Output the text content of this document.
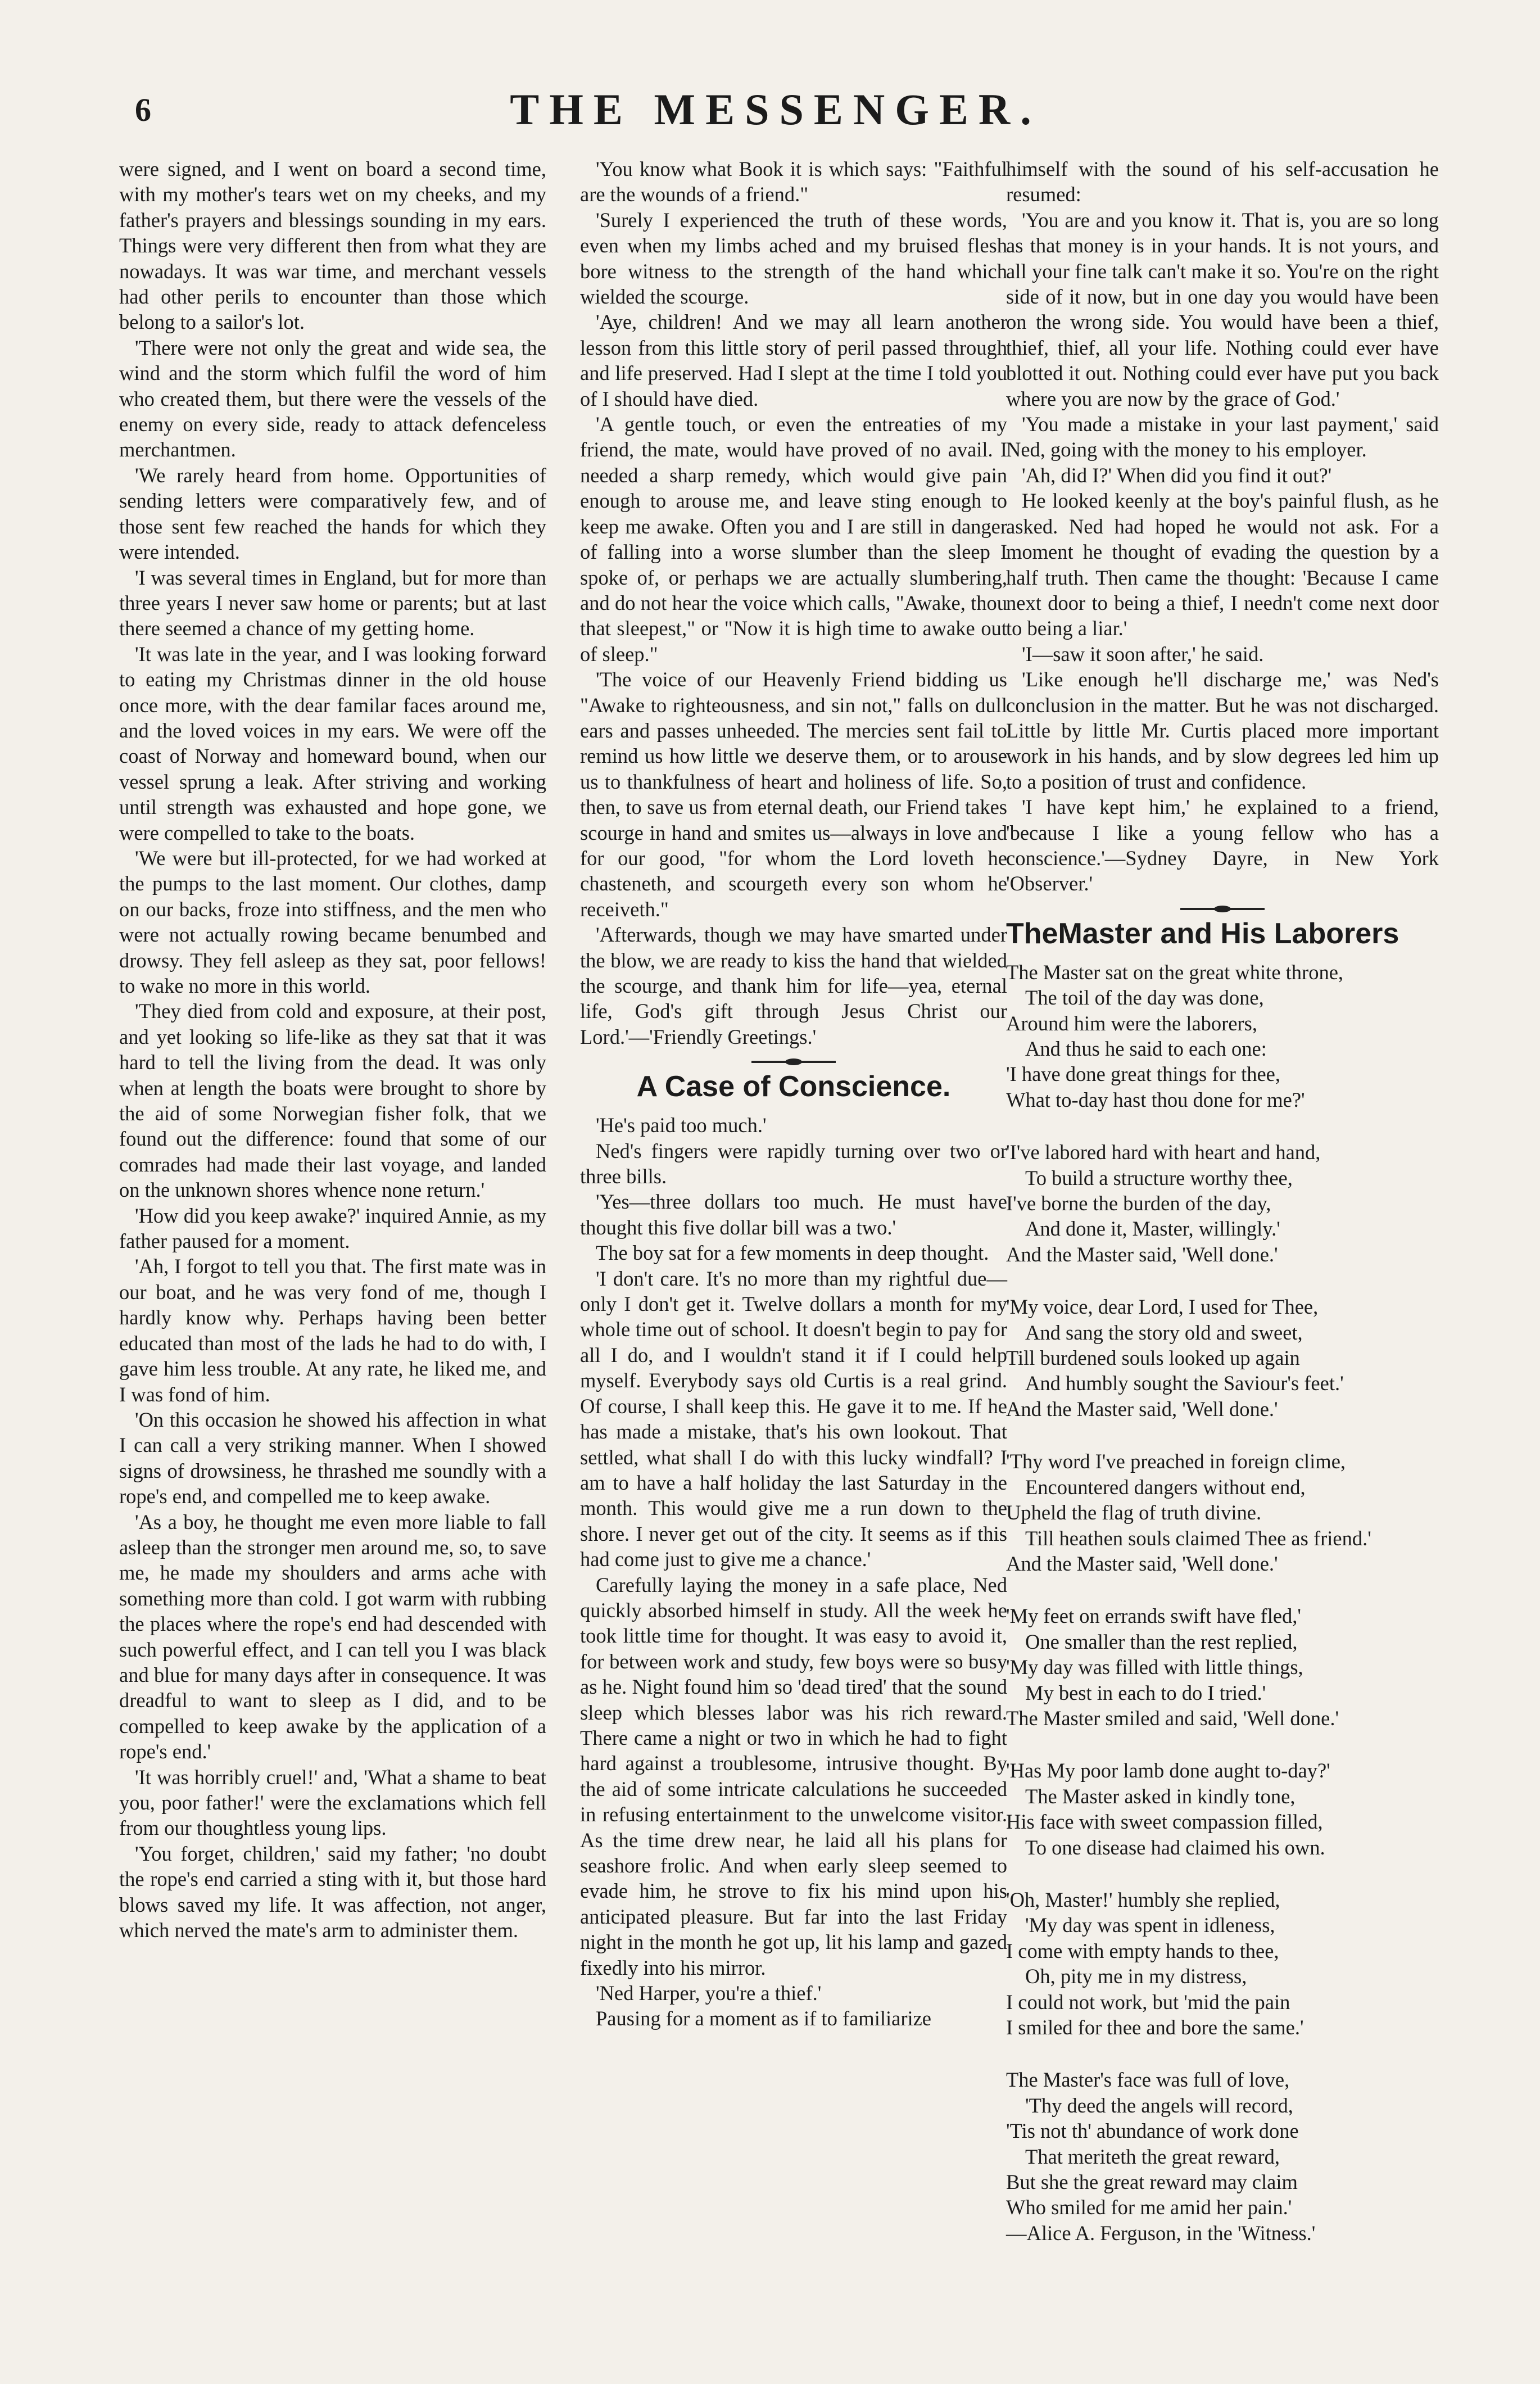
6	THE MESSENGER.

were signed, and I went on board a second time, with my mother's tears wet on my cheeks, and my father's prayers and blessings sounding in my ears. Things were very different then from what they are nowadays. It was war time, and merchant vessels had other perils to encounter than those which belong to a sailor's lot.

'There were not only the great and wide sea, the wind and the storm which fulfil the word of him who created them, but there were the vessels of the enemy on every side, ready to attack defenceless merchantmen.

'We rarely heard from home. Opportunities of sending letters were comparatively few, and of those sent few reached the hands for which they were intended.

'I was several times in England, but for more than three years I never saw home or parents; but at last there seemed a chance of my getting home.

'It was late in the year, and I was looking forward to eating my Christmas dinner in the old house once more, with the dear familar faces around me, and the loved voices in my ears. We were off the coast of Norway and homeward bound, when our vessel sprung a leak. After striving and working until strength was exhausted and hope gone, we were compelled to take to the boats.

'We were but ill-protected, for we had worked at the pumps to the last moment. Our clothes, damp on our backs, froze into stiffness, and the men who were not actually rowing became benumbed and drowsy. They fell asleep as they sat, poor fellows! to wake no more in this world.

'They died from cold and exposure, at their post, and yet looking so life-like as they sat that it was hard to tell the living from the dead. It was only when at length the boats were brought to shore by the aid of some Norwegian fisher folk, that we found out the difference: found that some of our comrades had made their last voyage, and landed on the unknown shores whence none return.'

'How did you keep awake?' inquired Annie, as my father paused for a moment.

'Ah, I forgot to tell you that. The first mate was in our boat, and he was very fond of me, though I hardly know why. Perhaps having been better educated than most of the lads he had to do with, I gave him less trouble. At any rate, he liked me, and I was fond of him.

'On this occasion he showed his affection in what I can call a very striking manner. When I showed signs of drowsiness, he thrashed me soundly with a rope's end, and compelled me to keep awake.

'As a boy, he thought me even more liable to fall asleep than the stronger men around me, so, to save me, he made my shoulders and arms ache with something more than cold. I got warm with rubbing the places where the rope's end had descended with such powerful effect, and I can tell you I was black and blue for many days after in consequence. It was dreadful to want to sleep as I did, and to be compelled to keep awake by the application of a rope's end.'

'It was horribly cruel!' and, 'What a shame to beat you, poor father!' were the exclamations which fell from our thoughtless young lips.

'You forget, children,' said my father; 'no doubt the rope's end carried a sting with it, but those hard blows saved my life. It was affection, not anger, which nerved the mate's arm to administer them.

'You know what Book it is which says: "Faithful are the wounds of a friend."

'Surely I experienced the truth of these words, even when my limbs ached and my bruised flesh bore witness to the strength of the hand which wielded the scourge.

'Aye, children! And we may all learn another lesson from this little story of peril passed through and life preserved. Had I slept at the time I told you of I should have died.

'A gentle touch, or even the entreaties of my friend, the mate, would have proved of no avail. I needed a sharp remedy, which would give pain enough to arouse me, and leave sting enough to keep me awake. Often you and I are still in danger of falling into a worse slumber than the sleep I spoke of, or perhaps we are actually slumbering, and do not hear the voice which calls, "Awake, thou that sleepest," or "Now it is high time to awake out of sleep."

'The voice of our Heavenly Friend bidding us "Awake to righteousness, and sin not," falls on dull ears and passes unheeded. The mercies sent fail to remind us how little we deserve them, or to arouse us to thankfulness of heart and holiness of life. So, then, to save us from eternal death, our Friend takes scourge in hand and smites us—always in love and for our good, "for whom the Lord loveth he chasteneth, and scourgeth every son whom he receiveth."

'Afterwards, though we may have smarted under the blow, we are ready to kiss the hand that wielded the scourge, and thank him for life—yea, eternal life, God's gift through Jesus Christ our Lord.'—'Friendly Greetings.'

A Case of Conscience.

'He's paid too much.'

Ned's fingers were rapidly turning over two or three bills.

'Yes—three dollars too much. He must have thought this five dollar bill was a two.'

The boy sat for a few moments in deep thought.

'I don't care. It's no more than my rightful due—only I don't get it. Twelve dollars a month for my whole time out of school. It doesn't begin to pay for all I do, and I wouldn't stand it if I could help myself. Everybody says old Curtis is a real grind. Of course, I shall keep this. He gave it to me. If he has made a mistake, that's his own lookout. That settled, what shall I do with this lucky windfall? I am to have a half holiday the last Saturday in the month. This would give me a run down to the shore. I never get out of the city. It seems as if this had come just to give me a chance.'

Carefully laying the money in a safe place, Ned quickly absorbed himself in study. All the week he took little time for thought. It was easy to avoid it, for between work and study, few boys were so busy as he. Night found him so 'dead tired' that the sound sleep which blesses labor was his rich reward. There came a night or two in which he had to fight hard against a troublesome, intrusive thought. By the aid of some intricate calculations he succeeded in refusing entertainment to the unwelcome visitor. As the time drew near, he laid all his plans for seashore frolic. And when early sleep seemed to evade him, he strove to fix his mind upon his anticipated pleasure. But far into the last Friday night in the month he got up, lit his lamp and gazed fixedly into his mirror.

'Ned Harper, you're a thief.'

Pausing for a moment as if to familiarize

himself with the sound of his self-accusation he resumed:

'You are and you know it. That is, you are so long as that money is in your hands. It is not yours, and all your fine talk can't make it so. You're on the right side of it now, but in one day you would have been on the wrong side. You would have been a thief, thief, thief, all your life. Nothing could ever have blotted it out. Nothing could ever have put you back where you are now by the grace of God.'

'You made a mistake in your last payment,' said Ned, going with the money to his employer.

'Ah, did I?' When did you find it out?'

He looked keenly at the boy's painful flush, as he asked. Ned had hoped he would not ask. For a moment he thought of evading the question by a half truth. Then came the thought: 'Because I came next door to being a thief, I needn't come next door to being a liar.'

'I—saw it soon after,' he said.

'Like enough he'll discharge me,' was Ned's conclusion in the matter. But he was not discharged. Little by little Mr. Curtis placed more important work in his hands, and by slow degrees led him up to a position of trust and confidence.

'I have kept him,' he explained to a friend, 'because I like a young fellow who has a conscience.'—Sydney Dayre, in New York 'Observer.'

TheMaster and His Laborers
The Master sat on the great white throne,
The toil of the day was done,
Around him were the laborers,
And thus he said to each one:
'I have done great things for thee,
What to-day hast thou done for me?'
'I've labored hard with heart and hand,
To build a structure worthy thee,
I've borne the burden of the day,
And done it, Master, willingly.'
And the Master said, 'Well done.'
'My voice, dear Lord, I used for Thee,
And sang the story old and sweet,
Till burdened souls looked up again
And humbly sought the Saviour's feet.'
And the Master said, 'Well done.'
'Thy word I've preached in foreign clime,
Encountered dangers without end,
Upheld the flag of truth divine.
Till heathen souls claimed Thee as friend.'
And the Master said, 'Well done.'
'My feet on errands swift have fled,'
One smaller than the rest replied,
'My day was filled with little things,
My best in each to do I tried.'
The Master smiled and said, 'Well done.'
'Has My poor lamb done aught to-day?'
The Master asked in kindly tone,
His face with sweet compassion filled,
To one disease had claimed his own.
'Oh, Master!' humbly she replied,
'My day was spent in idleness,
I come with empty hands to thee,
Oh, pity me in my distress,
I could not work, but 'mid the pain
I smiled for thee and bore the same.'
The Master's face was full of love,
'Thy deed the angels will record,
'Tis not th' abundance of work done
That meriteth the great reward,
But she the great reward may claim
Who smiled for me amid her pain.'
—Alice A. Ferguson, in the 'Witness.'
